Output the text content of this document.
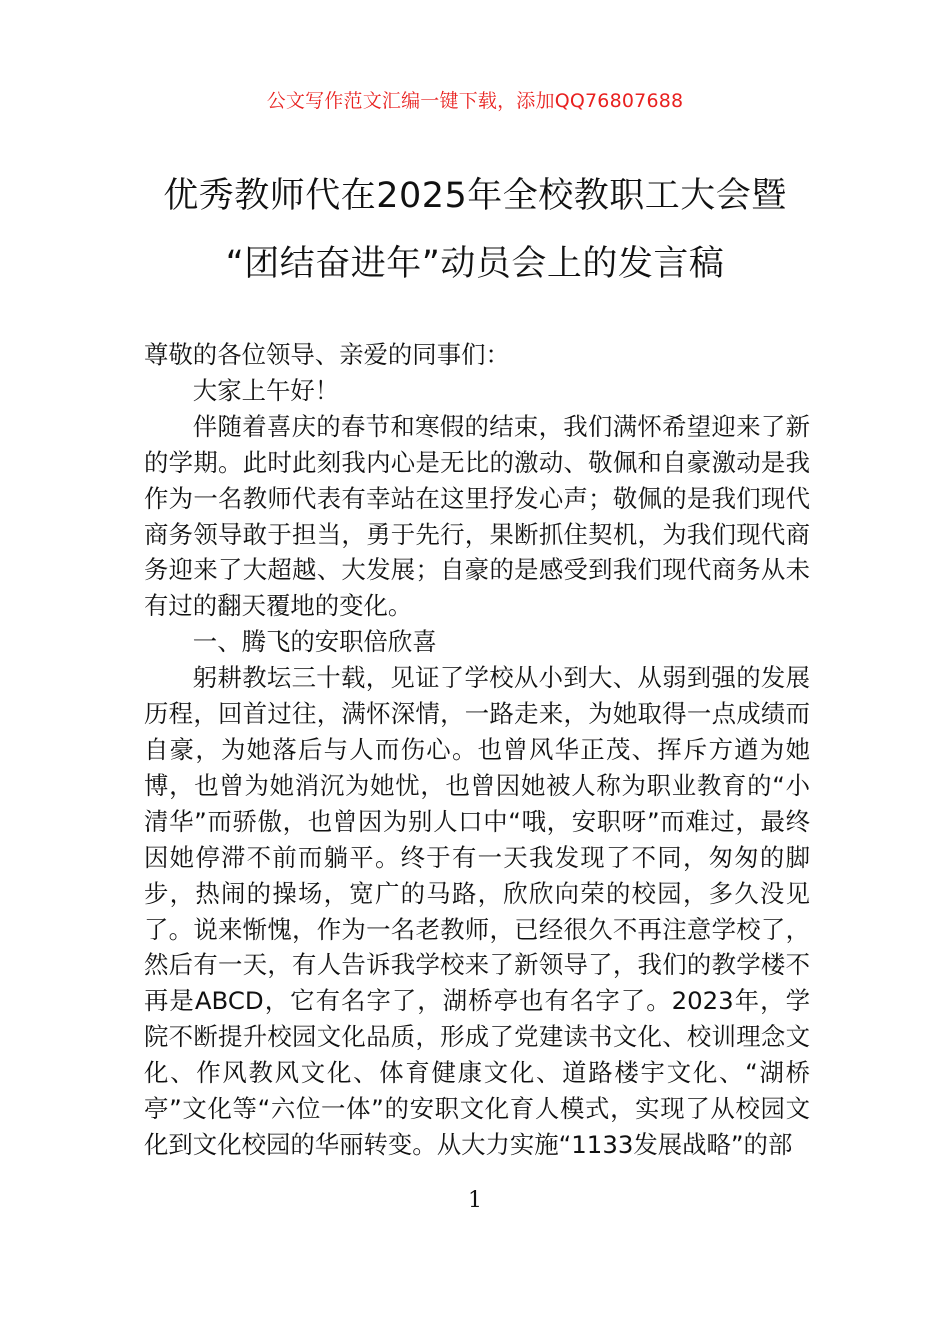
公文写作范文汇编一键下载，添加QQ76807688
优秀教师代在2025年全校教职工大会暨
“团结奋进年”动员会上的发言稿

尊敬的各位领导、亲爱的同事们：

大家上午好！

伴随着喜庆的春节和寒假的结束，我们满怀希望迎来了新的学期。此时此刻我内心是无比的激动、敬佩和自豪激动是我作为一名教师代表有幸站在这里抒发心声；敬佩的是我们现代商务领导敢于担当，勇于先行，果断抓住契机，为我们现代商务迎来了大超越、大发展；自豪的是感受到我们现代商务从未有过的翻天覆地的变化。

一、腾飞的安职倍欣喜

躬耕教坛三十载，见证了学校从小到大、从弱到强的发展历程，回首过往，满怀深情，一路走来，为她取得一点成绩而自豪，为她落后与人而伤心。也曾风华正茂、挥斥方遒为她博，也曾为她消沉为她忧，也曾因她被人称为职业教育的“小清华”而骄傲，也曾因为别人口中“哦，安职呀”而难过，最终因她停滞不前而躺平。终于有一天我发现了不同，匆匆的脚步，热闹的操场，宽广的马路，欣欣向荣的校园，多久没见了。说来惭愧，作为一名老教师，已经很久不再注意学校了，然后有一天，有人告诉我学校来了新领导了，我们的教学楼不再是ABCD，它有名字了，湖桥亭也有名字了。2023年，学院不断提升校园文化品质，形成了党建读书文化、校训理念文化、作风教风文化、体育健康文化、道路楼宇文化、“湖桥亭”文化等“六位一体”的安职文化育人模式，实现了从校园文化到文化校园的华丽转变。从大力实施“1133发展战略”的部

1
